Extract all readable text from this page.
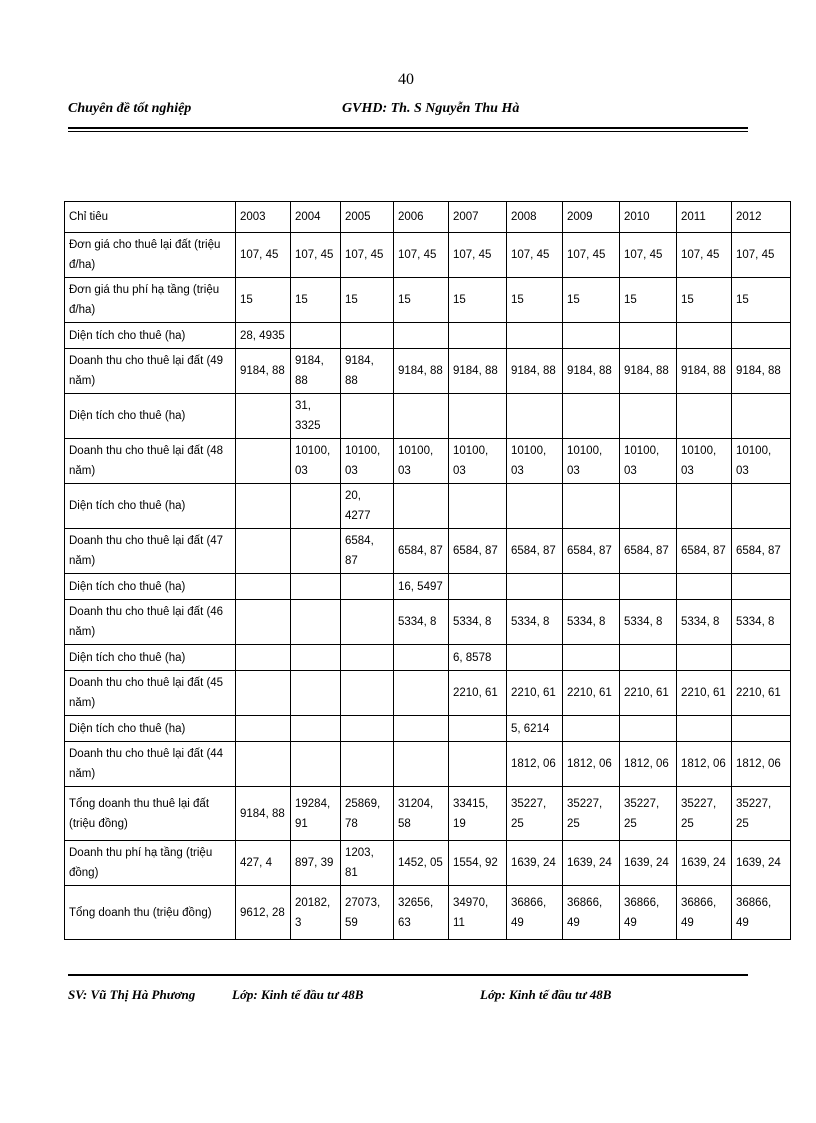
40
Chuyên đề tốt nghiệp	GVHD: Th. S Nguyễn Thu Hà
Chỉ tiêu	2003	2004	2005	2006	2007	2008	2009	2010	2011	2012
Đơn giá cho thuê lại đất (triệu đ/ha)	107, 45	107, 45	107, 45	107, 45	107, 45	107, 45	107, 45	107, 45	107, 45	107, 45
Đơn giá thu phí hạ tầng (triệu đ/ha)	15	15	15	15	15	15	15	15	15	15
Diện tích cho thuê (ha)	28, 4935									
Doanh thu cho thuê lại đất (49 năm)	9184, 88	9184, 88	9184, 88	9184, 88	9184, 88	9184, 88	9184, 88	9184, 88	9184, 88	9184, 88
Diện tích cho thuê (ha)		31, 3325								
Doanh thu cho thuê lại đất (48 năm)		10100, 03	10100, 03	10100, 03	10100, 03	10100, 03	10100, 03	10100, 03	10100, 03	10100, 03
Diện tích cho thuê (ha)			20, 4277							
Doanh thu cho thuê lại đất (47 năm)			6584, 87	6584, 87	6584, 87	6584, 87	6584, 87	6584, 87	6584, 87	6584, 87
Diện tích cho thuê (ha)				16, 5497						
Doanh thu cho thuê lại đất (46 năm)				5334, 8	5334, 8	5334, 8	5334, 8	5334, 8	5334, 8	5334, 8
Diện tích cho thuê (ha)					6, 8578					
Doanh thu cho thuê lại đất (45 năm)					2210, 61	2210, 61	2210, 61	2210, 61	2210, 61	2210, 61
Diện tích cho thuê (ha)						5, 6214				
Doanh thu cho thuê lại đất (44 năm)						1812, 06	1812, 06	1812, 06	1812, 06	1812, 06
Tổng doanh thu thuê lại đất (triệu đồng)	9184, 88	19284, 91	25869, 78	31204, 58	33415, 19	35227, 25	35227, 25	35227, 25	35227, 25	35227, 25
Doanh thu phí hạ tầng (triệu đồng)	427, 4	897, 39	1203, 81	1452, 05	1554, 92	1639, 24	1639, 24	1639, 24	1639, 24	1639, 24
Tổng doanh thu (triệu đồng)	9612, 28	20182, 3	27073, 59	32656, 63	34970, 11	36866, 49	36866, 49	36866, 49	36866, 49	36866, 49
SV: Vũ Thị Hà Phương	Lớp: Kinh tế đầu tư 48B	Lớp: Kinh tế đầu tư 48B
